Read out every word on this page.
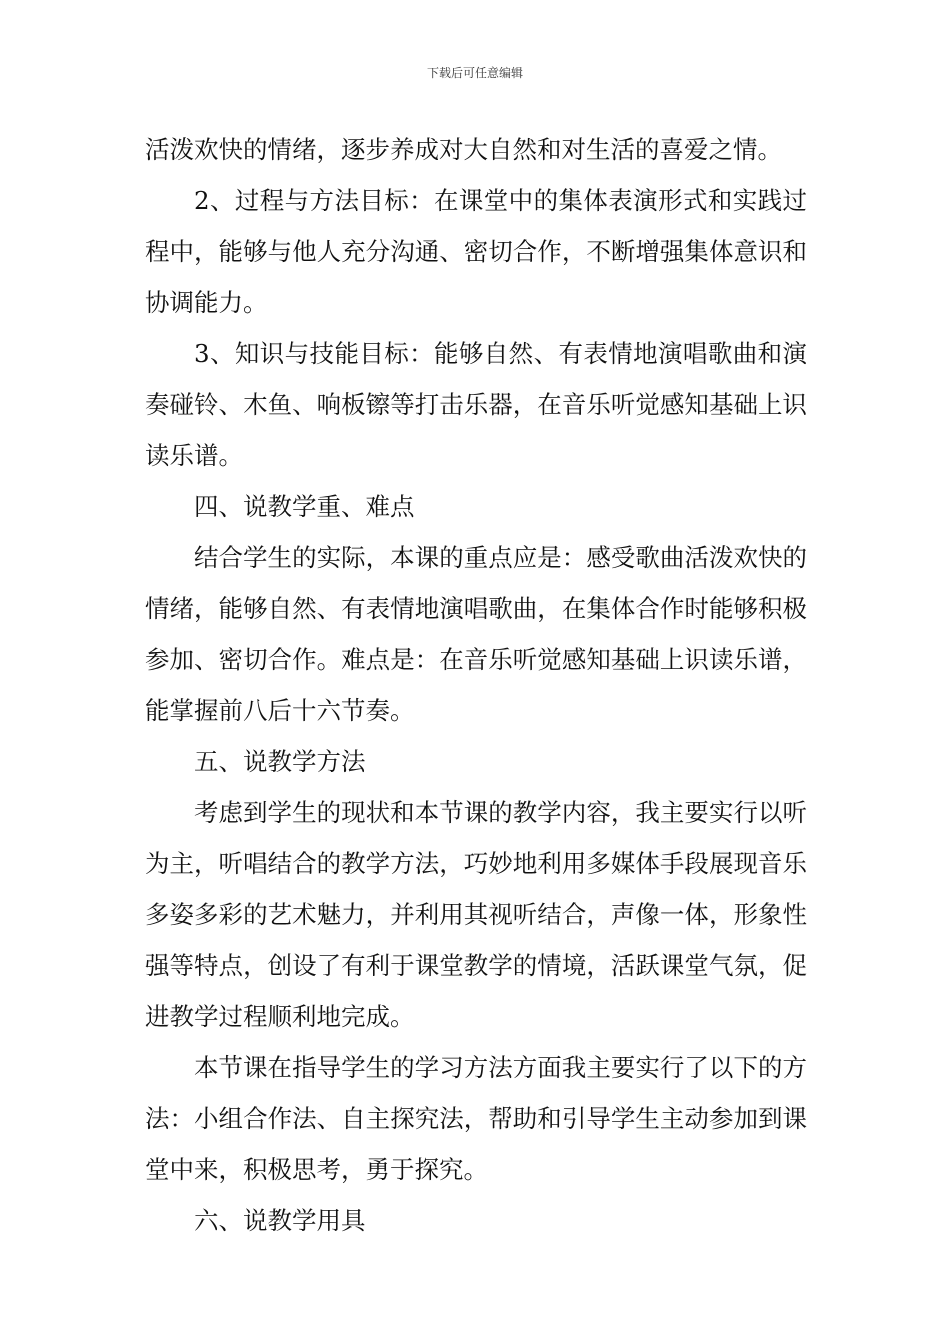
下载后可任意编辑

活泼欢快的情绪，逐步养成对大自然和对生活的喜爱之情。

2、过程与方法目标：在课堂中的集体表演形式和实践过程中，能够与他人充分沟通、密切合作，不断增强集体意识和协调能力。

3、知识与技能目标：能够自然、有表情地演唱歌曲和演奏碰铃、木鱼、响板镲等打击乐器，在音乐听觉感知基础上识读乐谱。

四、说教学重、难点

结合学生的实际，本课的重点应是：感受歌曲活泼欢快的情绪，能够自然、有表情地演唱歌曲，在集体合作时能够积极参加、密切合作。难点是：在音乐听觉感知基础上识读乐谱，能掌握前八后十六节奏。

五、说教学方法

考虑到学生的现状和本节课的教学内容，我主要实行以听为主，听唱结合的教学方法，巧妙地利用多媒体手段展现音乐多姿多彩的艺术魅力，并利用其视听结合，声像一体，形象性强等特点，创设了有利于课堂教学的情境，活跃课堂气氛，促进教学过程顺利地完成。

本节课在指导学生的学习方法方面我主要实行了以下的方法：小组合作法、自主探究法，帮助和引导学生主动参加到课堂中来，积极思考，勇于探究。

六、说教学用具
